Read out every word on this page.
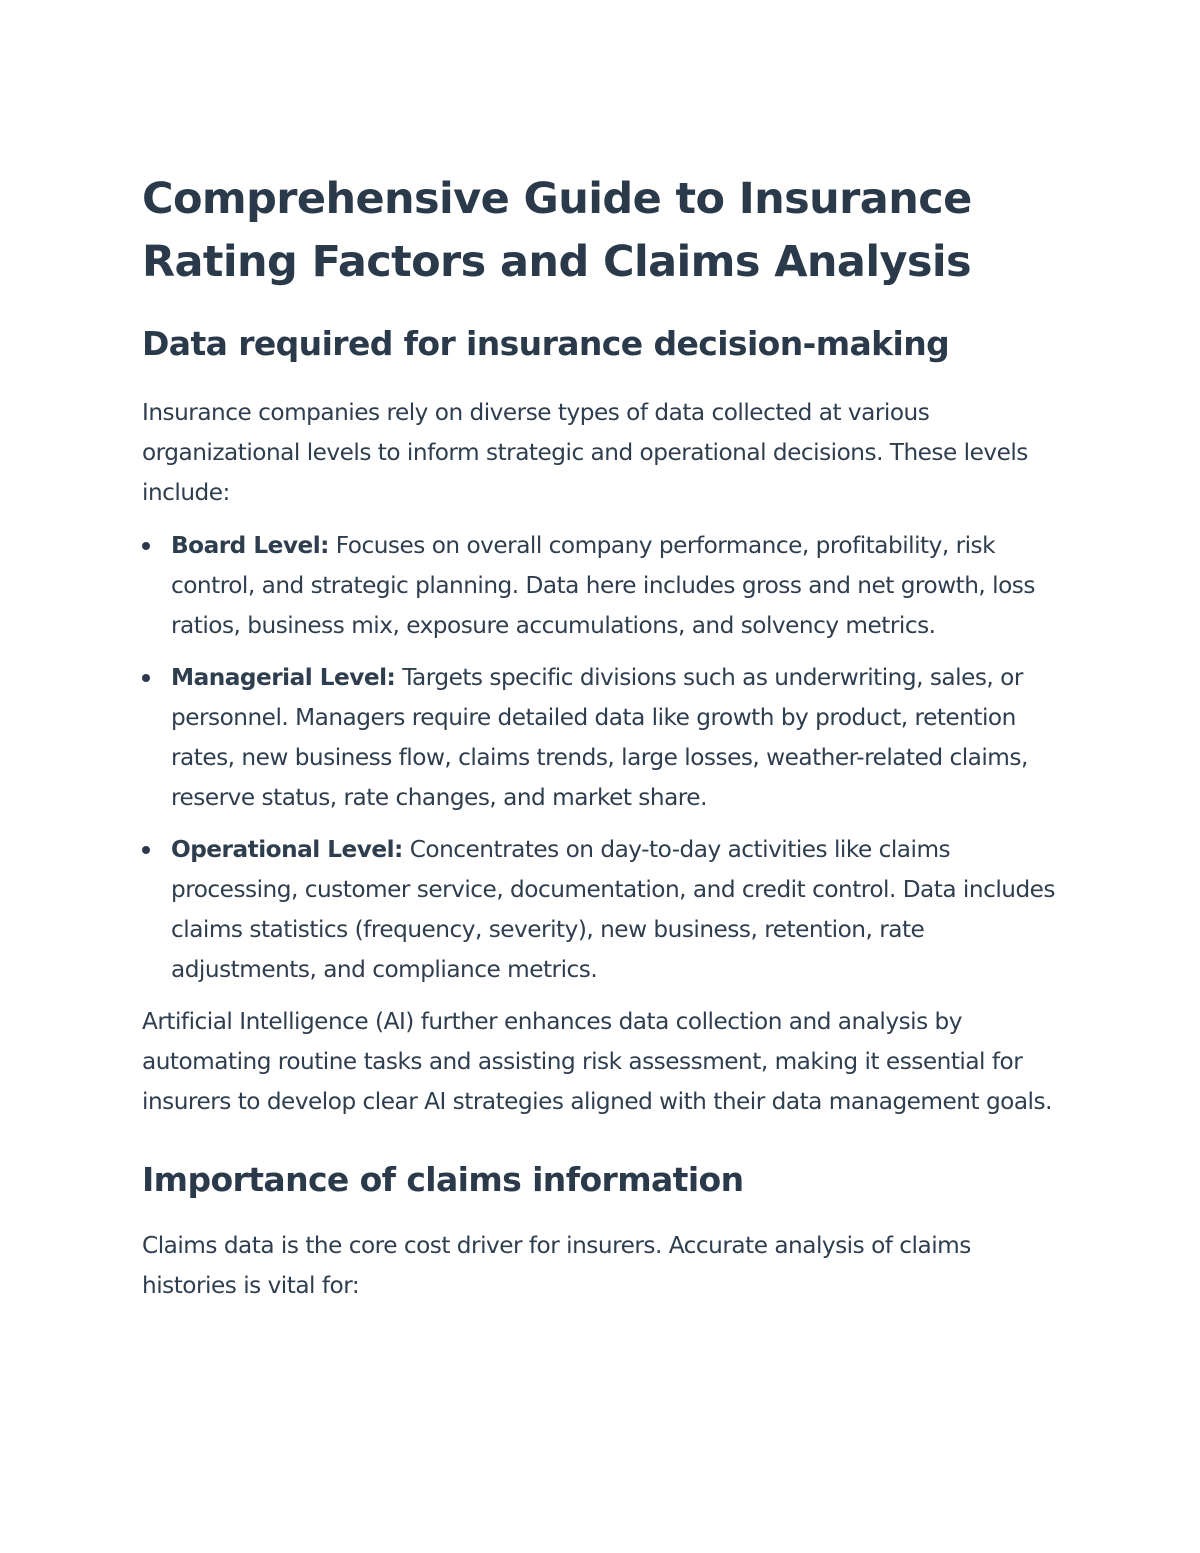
Comprehensive Guide to Insurance Rating Factors and Claims Analysis
Data required for insurance decision-making

Insurance companies rely on diverse types of data collected at various organizational levels to inform strategic and operational decisions. These levels include:

Board Level: Focuses on overall company performance, profitability, risk control, and strategic planning. Data here includes gross and net growth, loss ratios, business mix, exposure accumulations, and solvency metrics.
Managerial Level: Targets specific divisions such as underwriting, sales, or personnel. Managers require detailed data like growth by product, retention rates, new business flow, claims trends, large losses, weather-related claims, reserve status, rate changes, and market share.
Operational Level: Concentrates on day-to-day activities like claims processing, customer service, documentation, and credit control. Data includes claims statistics (frequency, severity), new business, retention, rate adjustments, and compliance metrics.

Artificial Intelligence (AI) further enhances data collection and analysis by automating routine tasks and assisting risk assessment, making it essential for insurers to develop clear AI strategies aligned with their data management goals.

Importance of claims information

Claims data is the core cost driver for insurers. Accurate analysis of claims histories is vital for:
